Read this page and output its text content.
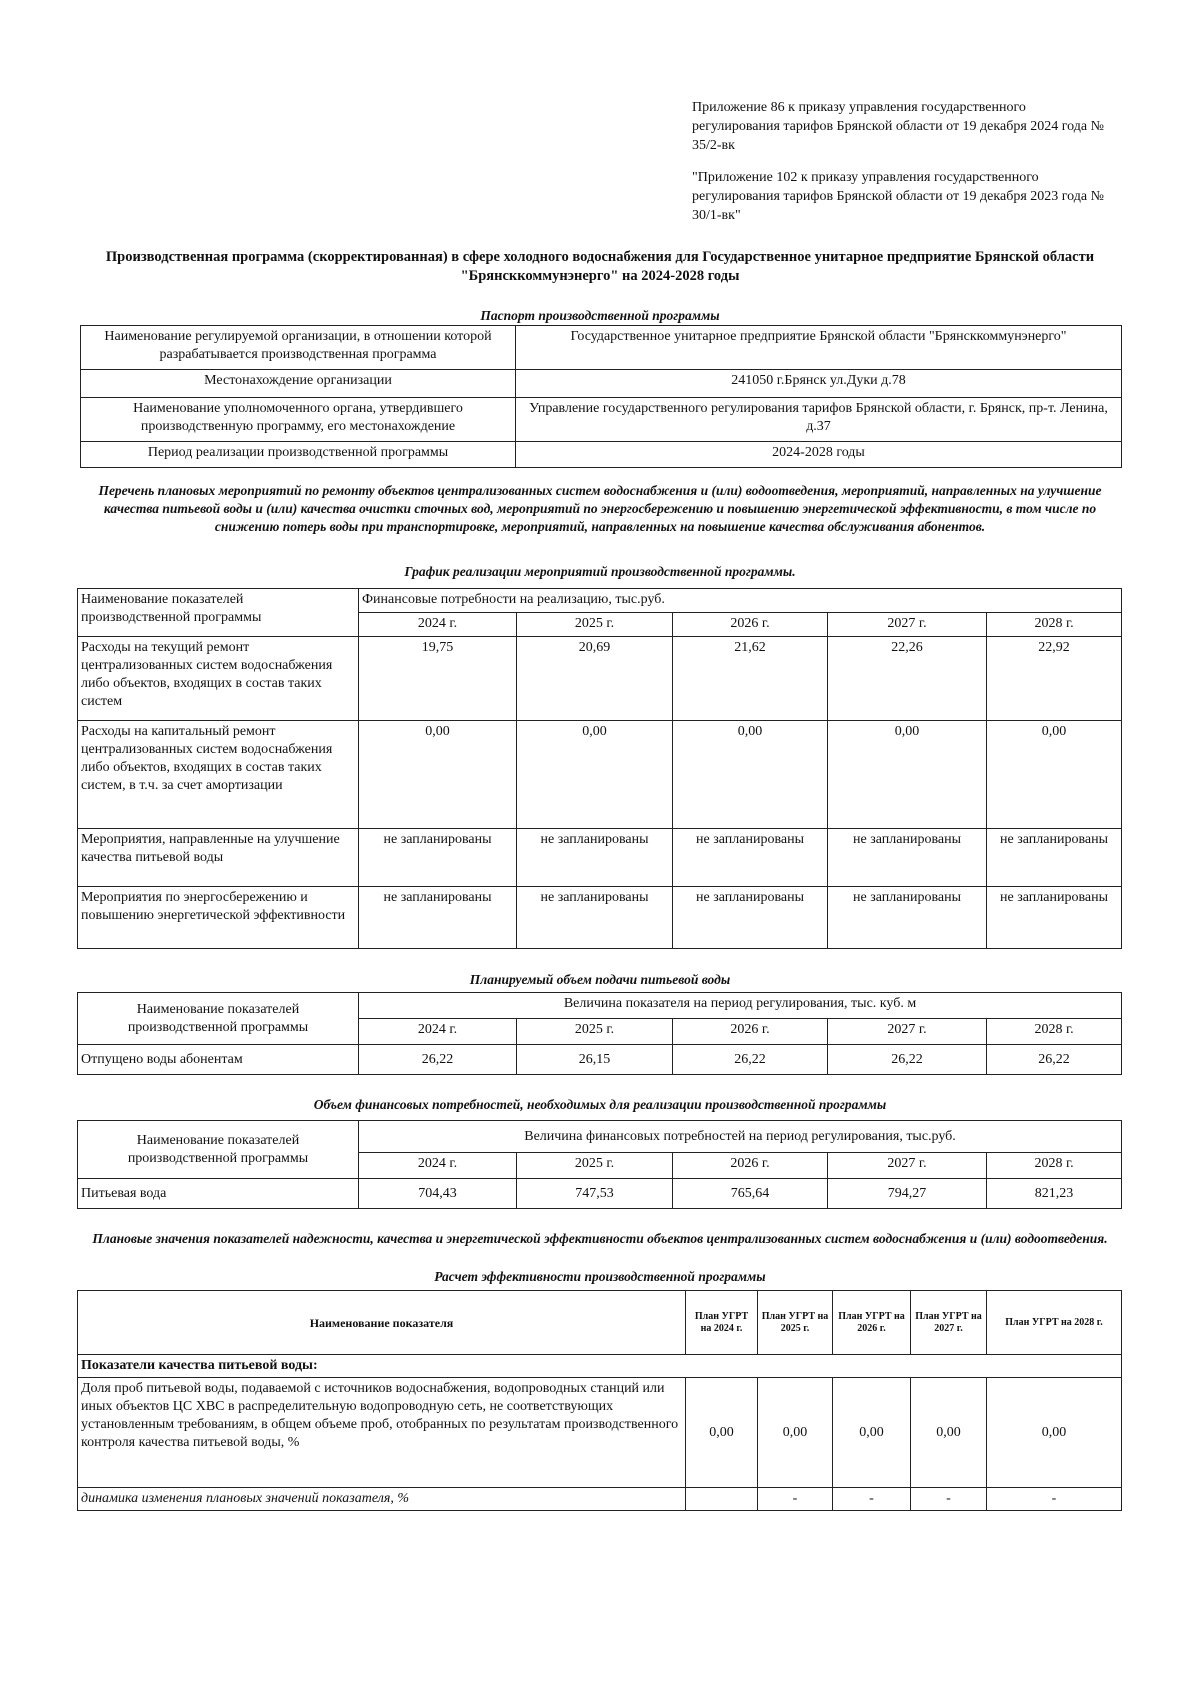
Приложение 86 к приказу управления государственного регулирования тарифов Брянской области от 19 декабря 2024 года № 35/2-вк
"Приложение 102 к приказу управления государственного регулирования тарифов Брянской области от 19 декабря 2023 года № 30/1-вк"
Производственная программа (скорректированная) в сфере холодного водоснабжения для Государственное унитарное предприятие Брянской области "Брянсккоммунэнерго" на 2024-2028 годы
Паспорт производственной программы
Наименование регулируемой организации, в отношении которой разрабатывается производственная программа	Государственное унитарное предприятие Брянской области "Брянсккоммунэнерго"
Местонахождение организации	241050 г.Брянск ул.Дуки д.78
Наименование уполномоченного органа, утвердившего производственную программу, его местонахождение	Управление государственного регулирования тарифов Брянской области, г. Брянск, пр-т. Ленина, д.37
Период реализации производственной программы	2024-2028 годы
Перечень плановых мероприятий по ремонту объектов централизованных систем водоснабжения и (или) водоотведения, мероприятий, направленных на улучшение качества питьевой воды и (или) качества очистки сточных вод, мероприятий по энергосбережению и повышению энергетической эффективности, в том числе по снижению потерь воды при транспортировке, мероприятий, направленных на повышение качества обслуживания абонентов.
График реализации мероприятий производственной программы.
Наименование показателей производственной программы	Финансовые потребности на реализацию, тыс.руб.				
	2024 г.	2025 г.	2026 г.	2027 г.	2028 г.
Расходы на текущий ремонт централизованных систем водоснабжения либо объектов, входящих в состав таких систем	19,75	20,69	21,62	22,26	22,92
Расходы на капитальный ремонт централизованных систем водоснабжения либо объектов, входящих в состав таких систем, в т.ч. за счет амортизации	0,00	0,00	0,00	0,00	0,00
Мероприятия, направленные на улучшение качества питьевой воды	не запланированы	не запланированы	не запланированы	не запланированы	не запланированы
Мероприятия по энергосбережению и повышению энергетической эффективности	не запланированы	не запланированы	не запланированы	не запланированы	не запланированы
Планируемый объем подачи питьевой воды
Наименование показателей производственной программы	Величина показателя на период регулирования, тыс. куб. м				
	2024 г.	2025 г.	2026 г.	2027 г.	2028 г.
Отпущено воды абонентам	26,22	26,15	26,22	26,22	26,22
Объем финансовых потребностей, необходимых для реализации производственной программы
Наименование показателей производственной программы	Величина финансовых потребностей на период регулирования, тыс.руб.				
	2024 г.	2025 г.	2026 г.	2027 г.	2028 г.
Питьевая вода	704,43	747,53	765,64	794,27	821,23
Плановые значения показателей надежности, качества и энергетической эффективности объектов централизованных систем водоснабжения и (или) водоотведения.
Расчет эффективности производственной программы
Наименование показателя	План УГРТ на 2024 г.	План УГРТ на 2025 г.	План УГРТ на 2026 г.	План УГРТ на 2027 г.	План УГРТ на 2028 г.
Показатели качества питьевой воды:					
Доля проб питьевой воды, подаваемой с источников водоснабжения, водопроводных станций или иных объектов ЦС ХВС в распределительную водопроводную сеть, не соответствующих установленным требованиям, в общем объеме проб, отобранных по результатам производственного контроля качества питьевой воды, %	0,00	0,00	0,00	0,00	0,00
динамика изменения плановых значений показателя, %		-	-	-	-
